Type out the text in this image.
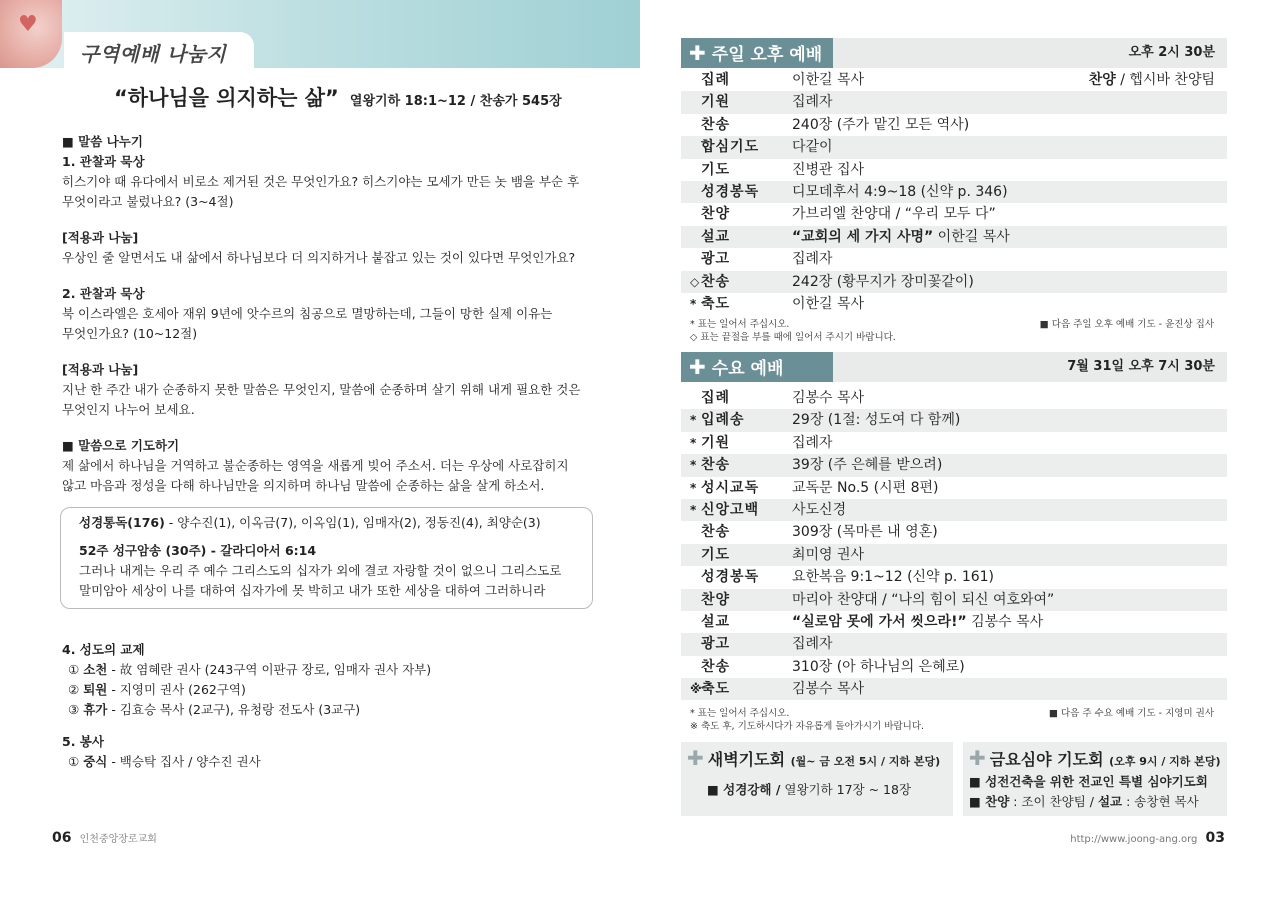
♥
구역예배 나눔지
“하나님을 의지하는 삶” 열왕기하 18:1~12 / 찬송가 545장
■ 말씀 나누기
1. 관찰과 묵상
히스기야 때 유다에서 비로소 제거된 것은 무엇인가요? 히스기야는 모세가 만든 놋 뱀을 부순 후
무엇이라고 불렀나요? (3~4절)
[적용과 나눔]
우상인 줄 알면서도 내 삶에서 하나님보다 더 의지하거나 붙잡고 있는 것이 있다면 무엇인가요?
2. 관찰과 묵상
북 이스라엘은 호세아 재위 9년에 앗수르의 침공으로 멸망하는데, 그들이 망한 실제 이유는
무엇인가요? (10~12절)
[적용과 나눔]
지난 한 주간 내가 순종하지 못한 말씀은 무엇인지, 말씀에 순종하며 살기 위해 내게 필요한 것은
무엇인지 나누어 보세요.
■ 말씀으로 기도하기
제 삶에서 하나님을 거역하고 불순종하는 영역을 새롭게 빚어 주소서. 더는 우상에 사로잡히지
않고 마음과 정성을 다해 하나님만을 의지하며 하나님 말씀에 순종하는 삶을 살게 하소서.
성경통독(176) - 양수진(1), 이옥금(7), 이옥임(1), 임매자(2), 정동진(4), 최양순(3)
52주 성구암송 (30주) - 갈라디아서 6:14
그러나 내게는 우리 주 예수 그리스도의 십자가 외에 결코 자랑할 것이 없으니 그리스도로
말미암아 세상이 나를 대하여 십자가에 못 박히고 내가 또한 세상을 대하여 그러하니라
4. 성도의 교제
① 소천 - 故 염혜란 권사 (243구역 이판규 장로, 임매자 권사 자부)
② 퇴원 - 지영미 권사 (262구역)
③ 휴가 - 김효승 목사 (2교구), 유청랑 전도사 (3교구)
5. 봉사
① 중식 - 백승탁 집사 / 양수진 권사
06 인천중앙장로교회
✚ 주일 오후 예배	오후 2시 30분
집례	이한길 목사	찬양 / 헵시바 찬양팀
기원	집례자
찬송	240장 (주가 맡긴 모든 역사)
합심기도	다같이
기도	진병관 집사
성경봉독	디모데후서 4:9~18 (신약 p. 346)
찬양	가브리엘 찬양대 / “우리 모두 다”
설교	“교회의 세 가지 사명” 이한길 목사
광고	집례자
◇ 찬송	242장 (황무지가 장미꽃같이)
* 축도	이한길 목사
* 표는 일어서 주십시오.
◇ 표는 끝절을 부를 때에 일어서 주시기 바랍니다.
■ 다음 주일 오후 예배 기도 - 윤진상 집사
✚ 수요 예배	7월 31일 오후 7시 30분
집례	김봉수 목사
* 입례송	29장 (1절: 성도여 다 함께)
* 기원	집례자
* 찬송	39장 (주 은혜를 받으려)
* 성시교독	교독문 No.5 (시편 8편)
* 신앙고백	사도신경
찬송	309장 (목마른 내 영혼)
기도	최미영 권사
성경봉독	요한복음 9:1~12 (신약 p. 161)
찬양	마리아 찬양대 / “나의 힘이 되신 여호와여”
설교	“실로암 못에 가서 씻으라!” 김봉수 목사
광고	집례자
찬송	310장 (아 하나님의 은혜로)
※ 축도	김봉수 목사
* 표는 일어서 주십시오.
※ 축도 후, 기도하시다가 자유롭게 돌아가시기 바랍니다.
■ 다음 주 수요 예배 기도 - 지영미 권사
✚ 새벽기도회 (월~ 금 오전 5시 / 지하 본당)
■ 성경강해 / 열왕기하 17장 ~ 18장
✚ 금요심야 기도회 (오후 9시 / 지하 본당)
■ 성전건축을 위한 전교인 특별 심야기도회
■ 찬양 : 조이 찬양팀 / 설교 : 송창현 목사
http://www.joong-ang.org 03
